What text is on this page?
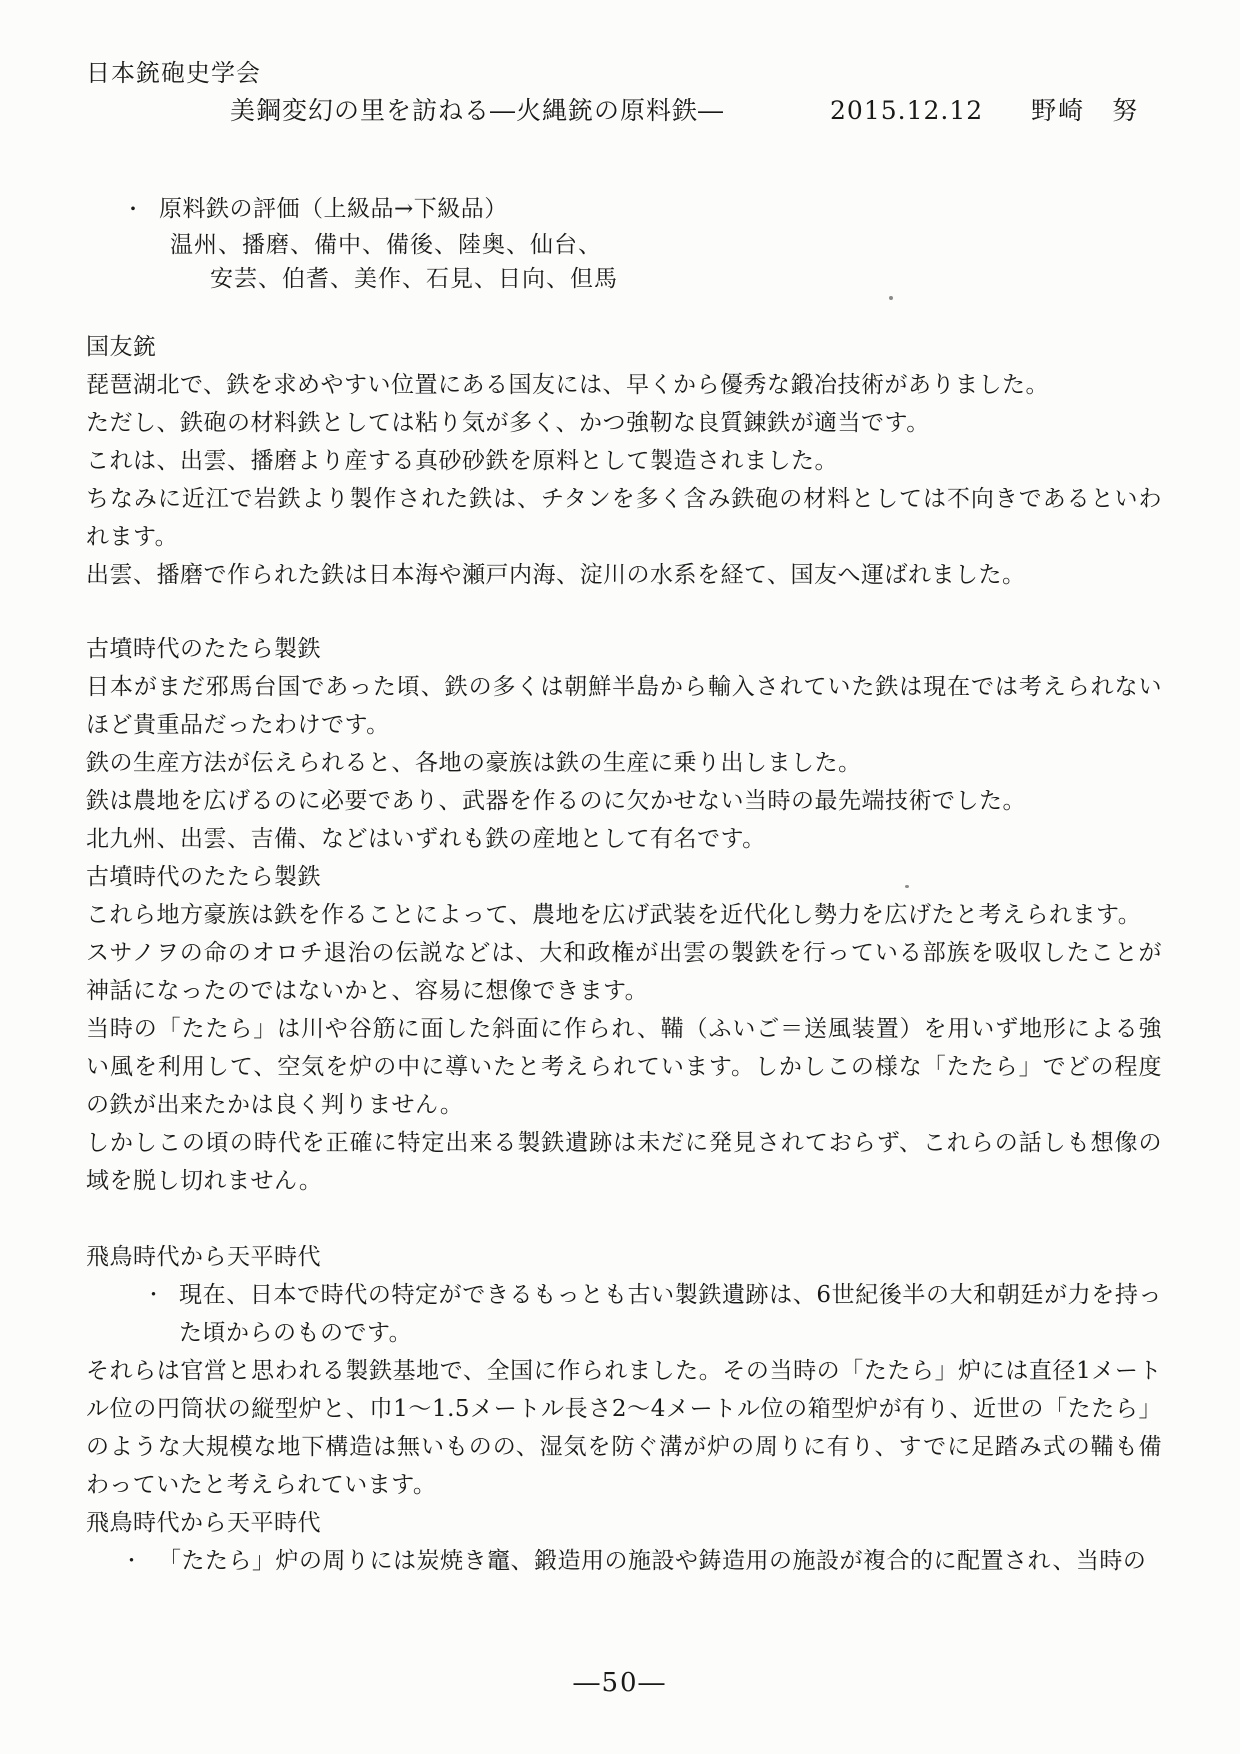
日本銃砲史学会
美鋼変幻の里を訪ねる―火縄銃の原料鉄―	2015.12.12 野崎　努
・ 原料鉄の評価（上級品→下級品）
温州、播磨、備中、備後、陸奥、仙台、
安芸、伯耆、美作、石見、日向、但馬
国友銃

琵琶湖北で、鉄を求めやすい位置にある国友には、早くから優秀な鍛冶技術がありました。

ただし、鉄砲の材料鉄としては粘り気が多く、かつ強靭な良質錬鉄が適当です。

これは、出雲、播磨より産する真砂砂鉄を原料として製造されました。

ちなみに近江で岩鉄より製作された鉄は、チタンを多く含み鉄砲の材料としては不向きであるといわれます。

出雲、播磨で作られた鉄は日本海や瀬戸内海、淀川の水系を経て、国友へ運ばれました。

古墳時代のたたら製鉄

日本がまだ邪馬台国であった頃、鉄の多くは朝鮮半島から輸入されていた鉄は現在では考えられないほど貴重品だったわけです。

鉄の生産方法が伝えられると、各地の豪族は鉄の生産に乗り出しました。

鉄は農地を広げるのに必要であり、武器を作るのに欠かせない当時の最先端技術でした。

北九州、出雲、吉備、などはいずれも鉄の産地として有名です。

古墳時代のたたら製鉄

これら地方豪族は鉄を作ることによって、農地を広げ武装を近代化し勢力を広げたと考えられます。

スサノヲの命のオロチ退治の伝説などは、大和政権が出雲の製鉄を行っている部族を吸収したことが神話になったのではないかと、容易に想像できます。

当時の「たたら」は川や谷筋に面した斜面に作られ、鞴（ふいご＝送風装置）を用いず地形による強い風を利用して、空気を炉の中に導いたと考えられています。しかしこの様な「たたら」でどの程度の鉄が出来たかは良く判りません。

しかしこの頃の時代を正確に特定出来る製鉄遺跡は未だに発見されておらず、これらの話しも想像の域を脱し切れません。

飛鳥時代から天平時代
・ 現在、日本で時代の特定ができるもっとも古い製鉄遺跡は、6世紀後半の大和朝廷が力を持った頃からのものです。

それらは官営と思われる製鉄基地で、全国に作られました。その当時の「たたら」炉には直径1メートル位の円筒状の縦型炉と、巾1～1.5メートル長さ2～4メートル位の箱型炉が有り、近世の「たたら」のような大規模な地下構造は無いものの、湿気を防ぐ溝が炉の周りに有り、すでに足踏み式の鞴も備わっていたと考えられています。

飛鳥時代から天平時代
・ 「たたら」炉の周りには炭焼き竈、鍛造用の施設や鋳造用の施設が複合的に配置され、当時の
―50―
